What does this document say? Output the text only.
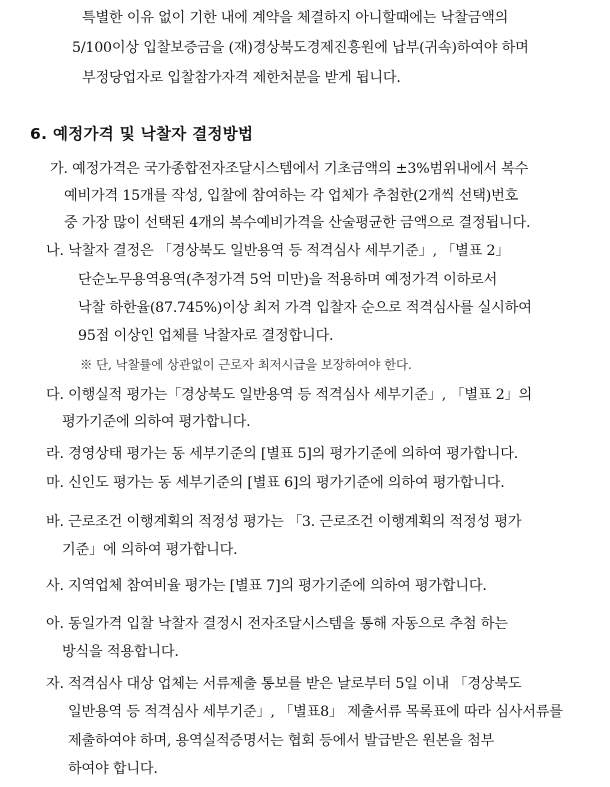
특별한 이유 없이 기한 내에 계약을 체결하지 아니할때에는 낙찰금액의
5/100이상 입찰보증금을 (재)경상북도경제진흥원에 납부(귀속)하여야 하며
부정당업자로 입찰참가자격 제한처분을 받게 됩니다.
6. 예정가격 및 낙찰자 결정방법
가. 예정가격은 국가종합전자조달시스템에서 기초금액의 ±3%범위내에서 복수
예비가격 15개를 작성, 입찰에 참여하는 각 업체가 추첨한(2개씩 선택)번호
중 가장 많이 선택된 4개의 복수예비가격을 산술평균한 금액으로 결정됩니다.
나. 낙찰자 결정은 「경상북도 일반용역 등 적격심사 세부기준」, 「별표 2」
단순노무용역용역(추정가격 5억 미만)을 적용하며 예정가격 이하로서
낙찰 하한율(87.745%)이상 최저 가격 입찰자 순으로 적격심사를 실시하여
95점 이상인 업체를 낙찰자로 결정합니다.
※ 단, 낙찰률에 상관없이 근로자 최저시급을 보장하여야 한다.
다. 이행실적 평가는「경상북도 일반용역 등 적격심사 세부기준」, 「별표 2」의
평가기준에 의하여 평가합니다.
라. 경영상태 평가는 동 세부기준의 [별표 5]의 평가기준에 의하여 평가합니다.
마. 신인도 평가는 동 세부기준의 [별표 6]의 평가기준에 의하여 평가합니다.
바. 근로조건 이행계획의 적정성 평가는 「3. 근로조건 이행계획의 적정성 평가
기준」에 의하여 평가합니다.
사. 지역업체 참여비율 평가는 [별표 7]의 평가기준에 의하여 평가합니다.
아. 동일가격 입찰 낙찰자 결정시 전자조달시스템을 통해 자동으로 추첨 하는
방식을 적용합니다.
자. 적격심사 대상 업체는 서류제출 통보를 받은 날로부터 5일 이내 「경상북도
일반용역 등 적격심사 세부기준」, 「별표8」 제출서류 목록표에 따라 심사서류를
제출하여야 하며, 용역실적증명서는 협회 등에서 발급받은 원본을 첨부
하여야 합니다.
